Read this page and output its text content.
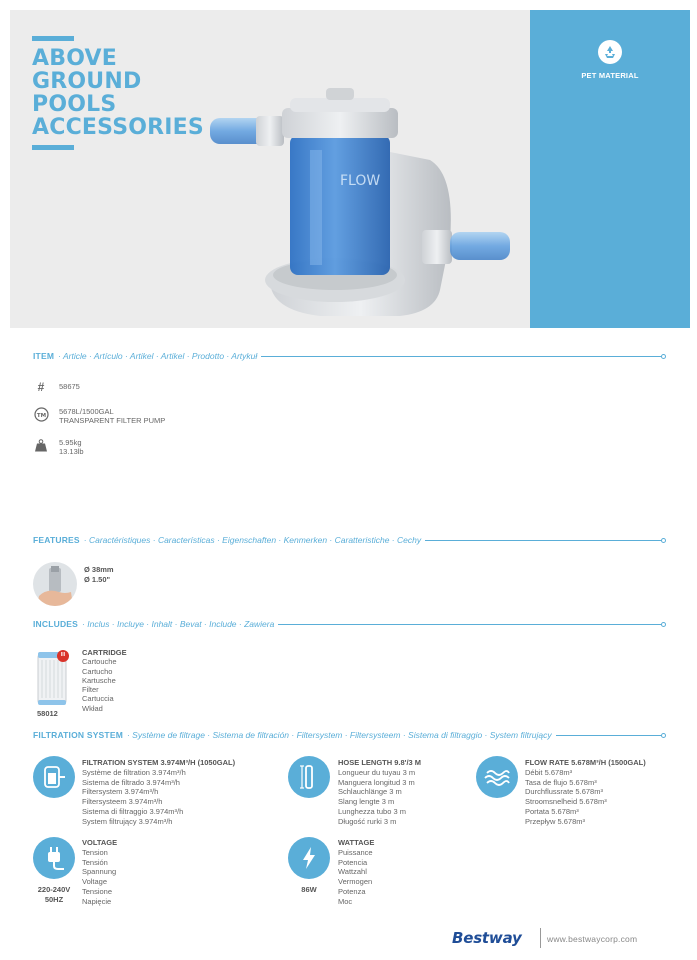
ABOVE
GROUND
POOLS
ACCESSORIES
FLOW
PET MATERIAL
ITEM · Article · Artículo · Artikel · Artikel · Prodotto · Artykuł
#	58675
TM 5678L/1500GAL
TRANSPARENT FILTER PUMP
5.95kg
13.13lb
FEATURES · Caractéristiques · Características · Eigenschaften · Kenmerken · Caratteristiche · Cechy
Ø 38mm
Ø 1.50"
INCLUDES · Inclus · Incluye · Inhalt · Bevat · Include · Zawiera
III
58012
CARTRIDGE
Cartouche
Cartucho
Kartusche
Filter
Cartuccia
Wkład
FILTRATION SYSTEM · Système de filtrage · Sistema de filtración · Filtersystem · Filtersysteem · Sistema di filtraggio · System filtrujący
FILTRATION SYSTEM 3.974M³/H (1050GAL)
Système de filtration 3.974m³/h
Sistema de filtrado 3.974m³/h
Filtersystem 3.974m³/h
Filtersysteem 3.974m³/h
Sistema di filtraggio 3.974m³/h
System filtrujący 3.974m³/h
HOSE LENGTH 9.8'/3 M
Longueur du tuyau 3 m
Manguera longitud 3 m
Schlauchlänge 3 m
Slang lengte 3 m
Lunghezza tubo 3 m
Długość rurki 3 m
FLOW RATE 5.678M³/H (1500GAL)
Débit 5.678m³
Tasa de flujo 5.678m³
Durchflussrate 5.678m³
Stroomsnelheid 5.678m³
Portata 5.678m³
Przepływ 5.678m³
220-240V
50HZ
VOLTAGE
Tension
Tensión
Spannung
Voltage
Tensione
Napięcie
86W
WATTAGE
Puissance
Potencia
Wattzahl
Vermogen
Potenza
Moc
Bestway	www.bestwaycorp.com
